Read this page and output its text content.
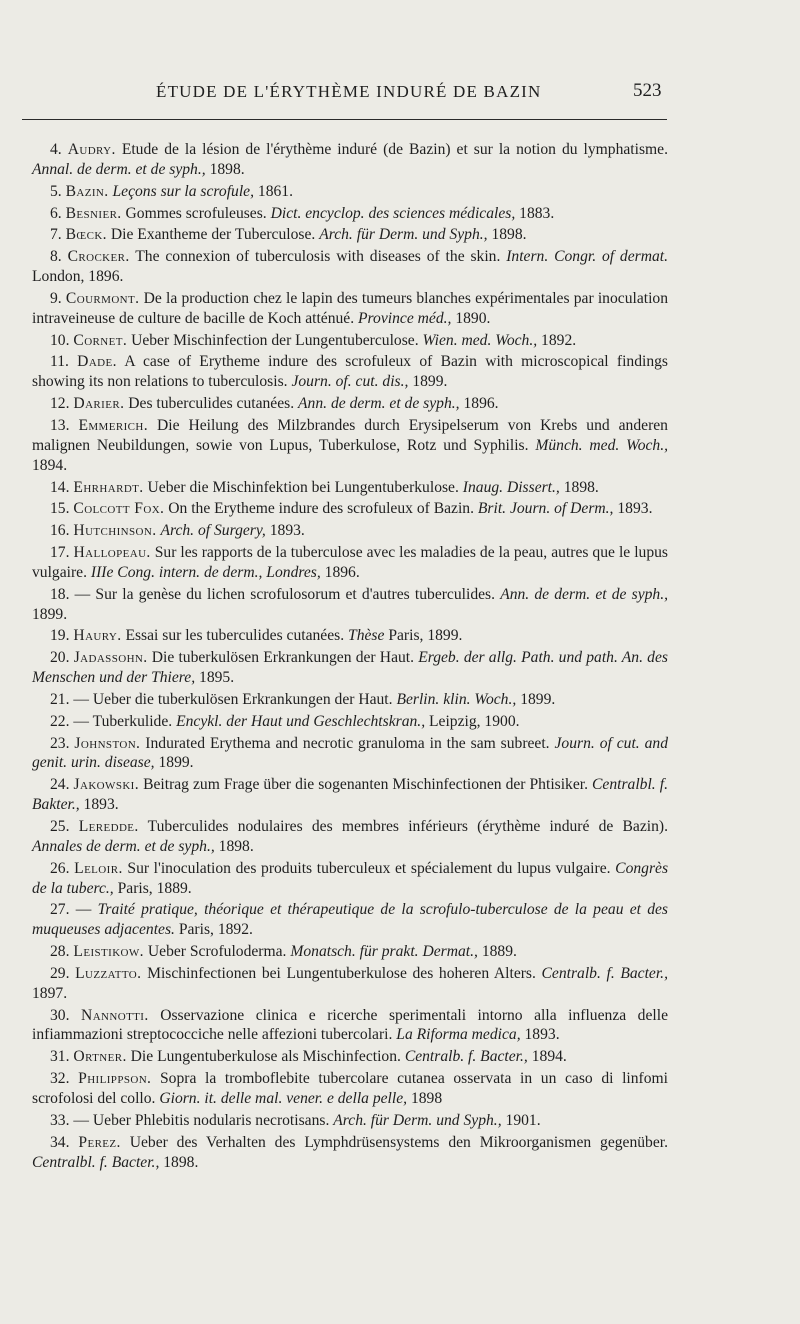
ÉTUDE DE L'ÉRYTHÈME INDURÉ DE BAZIN	523

4. Audry. Etude de la lésion de l'érythème induré (de Bazin) et sur la notion du lymphatisme. Annal. de derm. et de syph., 1898.

5. Bazin. Leçons sur la scrofule, 1861.

6. Besnier. Gommes scrofuleuses. Dict. encyclop. des sciences médicales, 1883.

7. Bœck. Die Exantheme der Tuberculose. Arch. für Derm. und Syph., 1898.

8. Crocker. The connexion of tuberculosis with diseases of the skin. Intern. Congr. of dermat. London, 1896.

9. Courmont. De la production chez le lapin des tumeurs blanches expérimentales par inoculation intraveineuse de culture de bacille de Koch atténué. Province méd., 1890.

10. Cornet. Ueber Mischinfection der Lungentuberculose. Wien. med. Woch., 1892.

11. Dade. A case of Erytheme indure des scrofuleux of Bazin with microscopical findings showing its non relations to tuberculosis. Journ. of. cut. dis., 1899.

12. Darier. Des tuberculides cutanées. Ann. de derm. et de syph., 1896.

13. Emmerich. Die Heilung des Milzbrandes durch Erysipelserum von Krebs und anderen malignen Neubildungen, sowie von Lupus, Tuberkulose, Rotz und Syphilis. Münch. med. Woch., 1894.

14. Ehrhardt. Ueber die Mischinfektion bei Lungentuberkulose. Inaug. Dissert., 1898.

15. Colcott Fox. On the Erytheme indure des scrofuleux of Bazin. Brit. Journ. of Derm., 1893.

16. Hutchinson. Arch. of Surgery, 1893.

17. Hallopeau. Sur les rapports de la tuberculose avec les maladies de la peau, autres que le lupus vulgaire. IIIe Cong. intern. de derm., Londres, 1896.

18. — Sur la genèse du lichen scrofulosorum et d'autres tuberculides. Ann. de derm. et de syph., 1899.

19. Haury. Essai sur les tuberculides cutanées. Thèse Paris, 1899.

20. Jadassohn. Die tuberkulösen Erkrankungen der Haut. Ergeb. der allg. Path. und path. An. des Menschen und der Thiere, 1895.

21. — Ueber die tuberkulösen Erkrankungen der Haut. Berlin. klin. Woch., 1899.

22. — Tuberkulide. Encykl. der Haut und Geschlechtskran., Leipzig, 1900.

23. Johnston. Indurated Erythema and necrotic granuloma in the sam subreet. Journ. of cut. and genit. urin. disease, 1899.

24. Jakowski. Beitrag zum Frage über die sogenanten Mischinfectionen der Phtisiker. Centralbl. f. Bakter., 1893.

25. Leredde. Tuberculides nodulaires des membres inférieurs (érythème induré de Bazin). Annales de derm. et de syph., 1898.

26. Leloir. Sur l'inoculation des produits tuberculeux et spécialement du lupus vulgaire. Congrès de la tuberc., Paris, 1889.

27. — Traité pratique, théorique et thérapeutique de la scrofulo-tuberculose de la peau et des muqueuses adjacentes. Paris, 1892.

28. Leistikow. Ueber Scrofuloderma. Monatsch. für prakt. Dermat., 1889.

29. Luzzatto. Mischinfectionen bei Lungentuberkulose des hoheren Alters. Centralb. f. Bacter., 1897.

30. Nannotti. Osservazione clinica e ricerche sperimentali intorno alla influenza delle infiammazioni streptococciche nelle affezioni tubercolari. La Riforma medica, 1893.

31. Ortner. Die Lungentuberkulose als Mischinfection. Centralb. f. Bacter., 1894.

32. Philippson. Sopra la tromboflebite tubercolare cutanea osservata in un caso di linfomi scrofolosi del collo. Giorn. it. delle mal. vener. e della pelle, 1898

33. — Ueber Phlebitis nodularis necrotisans. Arch. für Derm. und Syph., 1901.

34. Perez. Ueber des Verhalten des Lymphdrüsensystems den Mikroorganismen gegenüber. Centralbl. f. Bacter., 1898.
